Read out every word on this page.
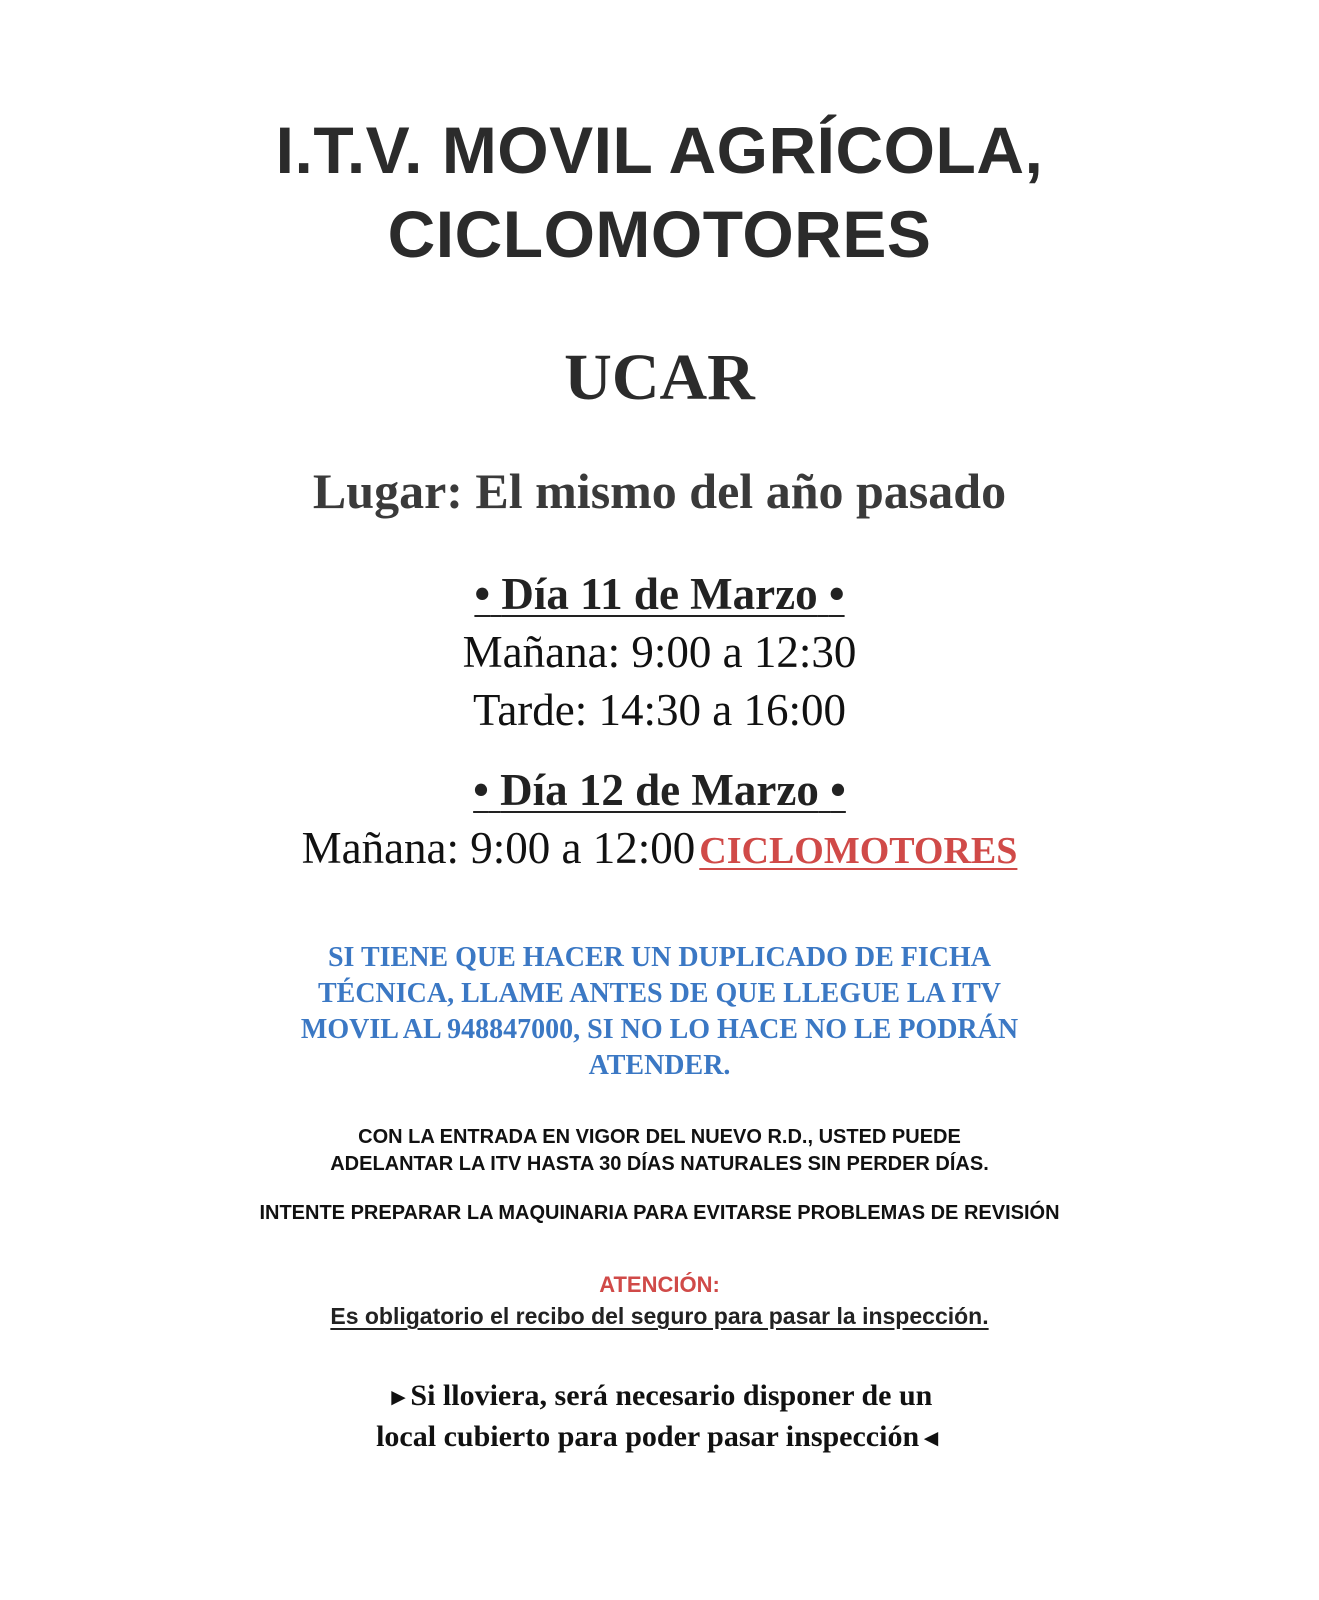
I.T.V. MOVIL AGRÍCOLA,
CICLOMOTORES
UCAR
Lugar: El mismo del año pasado
• Día 11 de Marzo •
Mañana: 9:00 a 12:30
Tarde: 14:30 a 16:00
• Día 12 de Marzo •
Mañana: 9:00 a 12:00 CICLOMOTORES
SI TIENE QUE HACER UN DUPLICADO DE FICHA
TÉCNICA, LLAME ANTES DE QUE LLEGUE LA ITV
MOVIL AL 948847000, SI NO LO HACE NO LE PODRÁN
ATENDER.
CON LA ENTRADA EN VIGOR DEL NUEVO R.D., USTED PUEDE
ADELANTAR LA ITV HASTA 30 DÍAS NATURALES SIN PERDER DÍAS.
INTENTE PREPARAR LA MAQUINARIA PARA EVITARSE PROBLEMAS DE REVISIÓN
ATENCIÓN:
Es obligatorio el recibo del seguro para pasar la inspección.
►Si lloviera, será necesario disponer de un
local cubierto para poder pasar inspección◄
